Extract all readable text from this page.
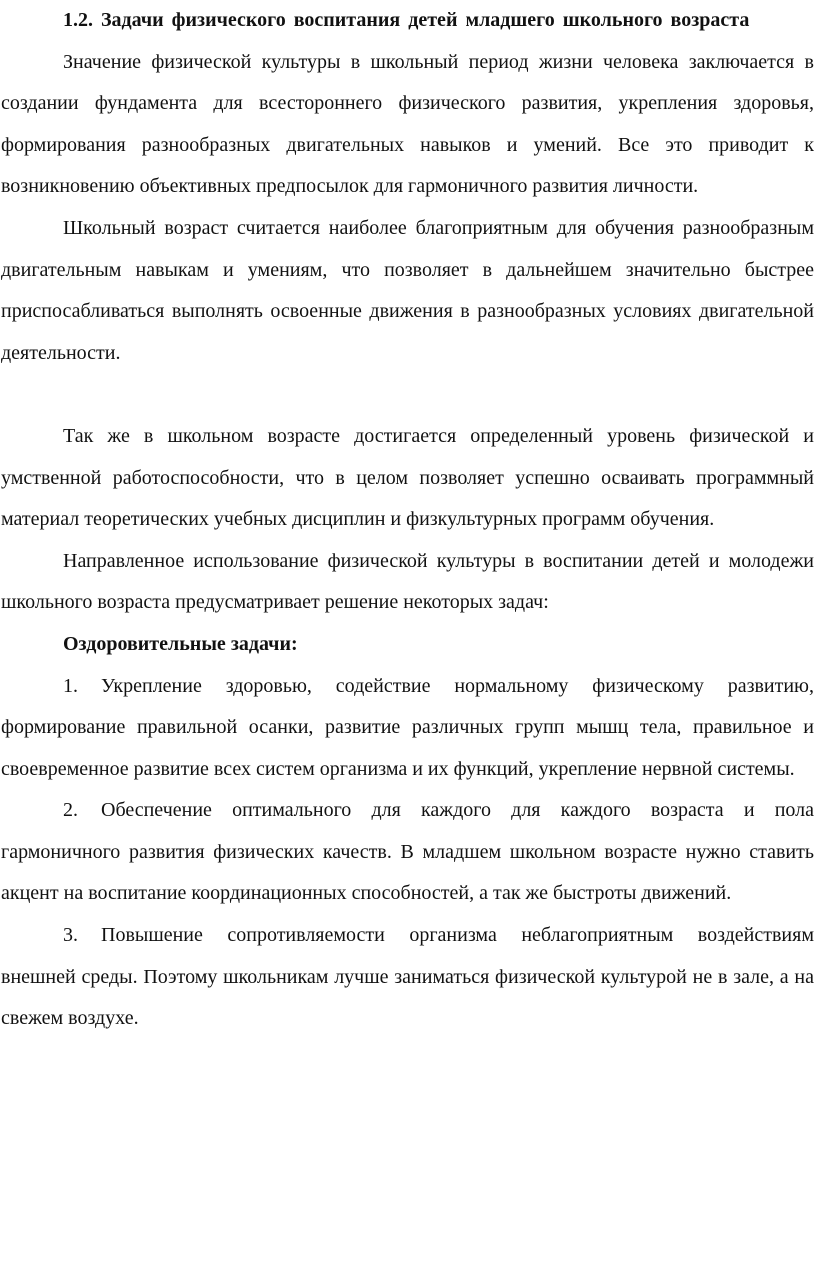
1.2. Задачи физического воспитания детей младшего школьного возраста

Значение физической культуры в школьный период жизни человека заключается в создании фундамента для всестороннего физического развития, укрепления здоровья, формирования разнообразных двигательных навыков и умений. Все это приводит к возникновению объективных предпосылок для гармоничного развития личности.

Школьный возраст считается наиболее благоприятным для обучения разнообразным двигательным навыкам и умениям, что позволяет в дальнейшем значительно быстрее приспосабливаться выполнять освоенные движения в разнообразных условиях двигательной деятельности.

Так же в школьном возрасте достигается определенный уровень физической и умственной работоспособности, что в целом позволяет успешно осваивать программный материал теоретических учебных дисциплин и физкультурных программ обучения.

Направленное использование физической культуры в воспитании детей и молодежи школьного возраста предусматривает решение некоторых задач:

Оздоровительные задачи:

1. Укрепление здоровью, содействие нормальному физическому развитию, формирование правильной осанки, развитие различных групп мышц тела, правильное и своевременное развитие всех систем организма и их функций, укрепление нервной системы.

2. Обеспечение оптимального для каждого для каждого возраста и пола гармоничного развития физических качеств. В младшем школьном возрасте нужно ставить акцент на воспитание координационных способностей, а так же быстроты движений.

3. Повышение сопротивляемости организма неблагоприятным воздействиям внешней среды. Поэтому школьникам лучше заниматься физической культурой не в зале, а на свежем воздухе.
